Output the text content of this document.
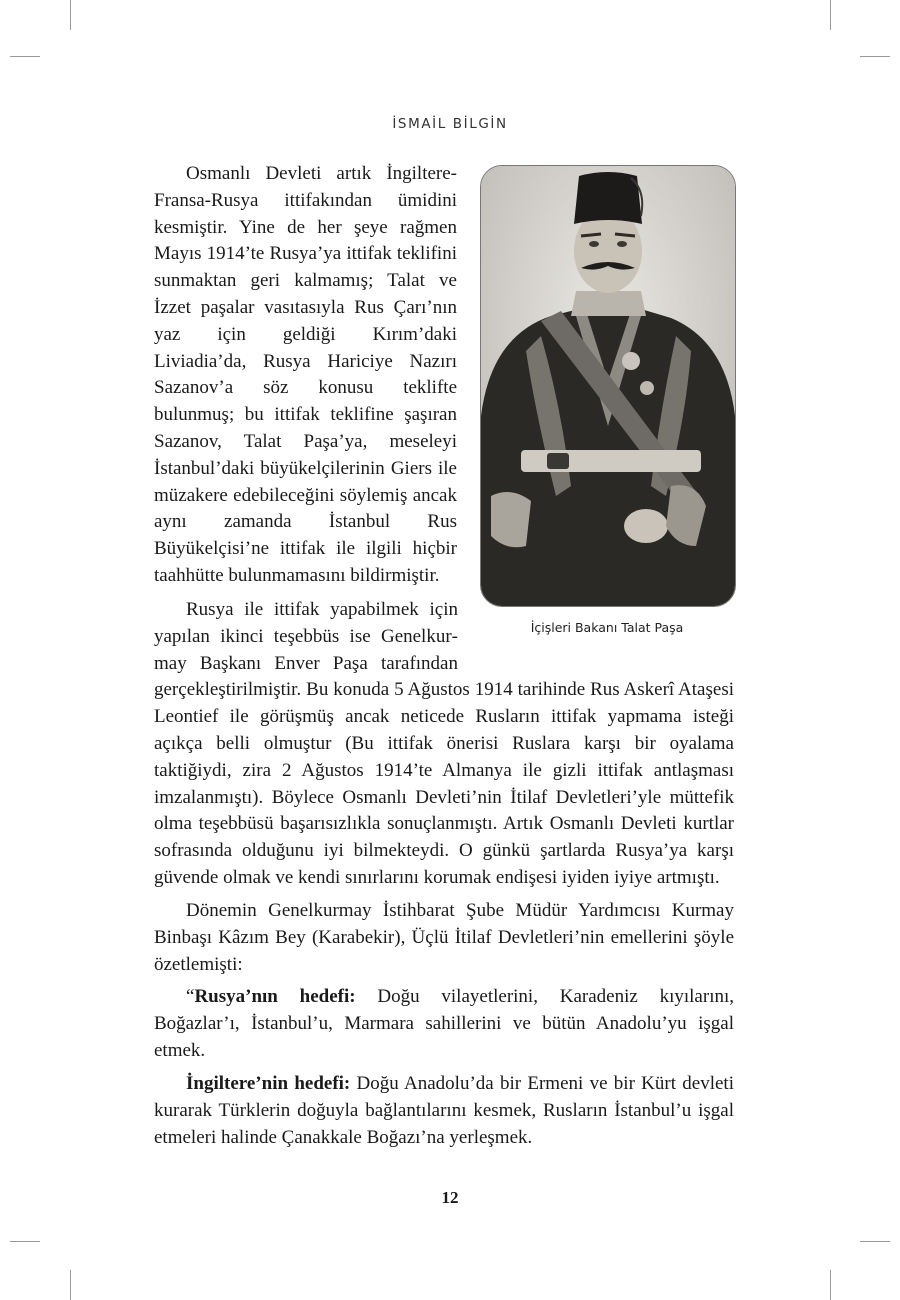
İSMAİL BİLGİN
İçişleri Bakanı Talat Paşa

Osmanlı Devleti artık İngiltere-Fransa-Rusya ittifakından ümidini kesmiştir. Yine de her şeye rağmen Mayıs 1914’te Rusya’ya ittifak teklifini sunmaktan geri kalmamış; Talat ve İzzet paşalar vasıtasıyla Rus Çarı’nın yaz için geldiği Kırım’daki Liviadia’da, Rusya Hariciye Nazırı Sazanov’a söz konusu teklifte bulunmuş; bu ittifak teklifine şaşıran Sazanov, Talat Paşa’ya, meseleyi İstanbul’daki büyükelçilerinin Giers ile müzakere edebileceğini söylemiş ancak aynı zamanda İstanbul Rus Büyükelçisi’ne ittifak ile ilgili hiçbir taahhütte bulunmamasını bildirmiştir.

Rusya ile ittifak yapabilmek için yapılan ikinci teşebbüs ise Genelkurmay Başkanı Enver Paşa tarafından gerçekleştirilmiştir. Bu konuda 5 Ağustos 1914 tarihinde Rus Askerî Ataşesi Leontief ile görüşmüş ancak neticede Rusların ittifak yapmama isteği açıkça belli olmuştur (Bu ittifak önerisi Ruslara karşı bir oyalama taktiğiydi, zira 2 Ağustos 1914’te Almanya ile gizli ittifak antlaşması imzalanmıştı). Böylece Osmanlı Devleti’nin İtilaf Devletleri’yle müttefik olma teşebbüsü başarısızlıkla sonuçlanmıştı. Artık Osmanlı Devleti kurtlar sofrasında olduğunu iyi bilmekteydi. O günkü şartlarda Rusya’ya karşı güvende olmak ve kendi sınırlarını korumak endişesi iyiden iyiye artmıştı.

Dönemin Genelkurmay İstihbarat Şube Müdür Yardımcısı Kurmay Binbaşı Kâzım Bey (Karabekir), Üçlü İtilaf Devletleri’nin emellerini şöyle özetlemişti:

“Rusya’nın hedefi: Doğu vilayetlerini, Karadeniz kıyılarını, Boğazlar’ı, İstanbul’u, Marmara sahillerini ve bütün Anadolu’yu işgal etmek.

İngiltere’nin hedefi: Doğu Anadolu’da bir Ermeni ve bir Kürt devleti kurarak Türklerin doğuyla bağlantılarını kesmek, Rusların İstanbul’u işgal etmeleri halinde Çanakkale Boğazı’na yerleşmek.

12
